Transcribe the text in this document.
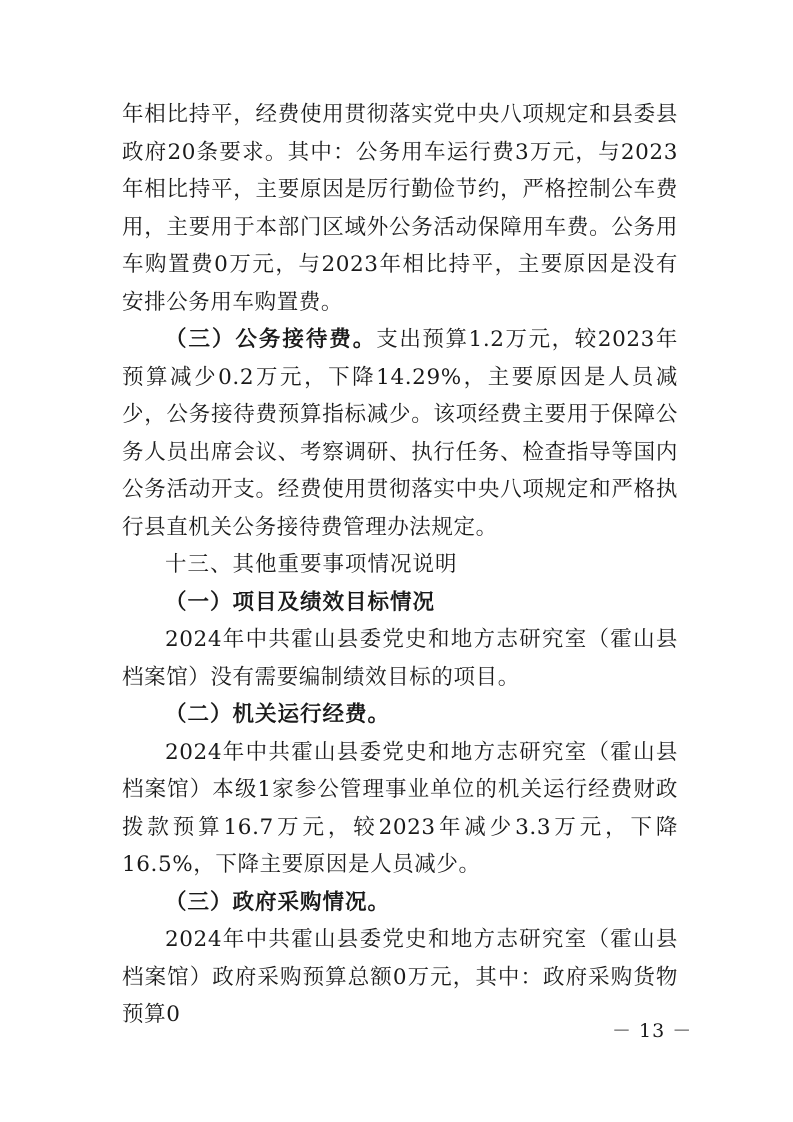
年相比持平，经费使用贯彻落实党中央八项规定和县委县政府20条要求。其中：公务用车运行费3万元，与2023年相比持平，主要原因是厉行勤俭节约，严格控制公车费用，主要用于本部门区域外公务活动保障用车费。公务用车购置费0万元，与2023年相比持平，主要原因是没有安排公务用车购置费。

（三）公务接待费。支出预算1.2万元，较2023年预算减少0.2万元，下降14.29%，主要原因是人员减少，公务接待费预算指标减少。该项经费主要用于保障公务人员出席会议、考察调研、执行任务、检查指导等国内公务活动开支。经费使用贯彻落实中央八项规定和严格执行县直机关公务接待费管理办法规定。

十三、其他重要事项情况说明

（一）项目及绩效目标情况

2024年中共霍山县委党史和地方志研究室（霍山县档案馆）没有需要编制绩效目标的项目。

（二）机关运行经费。

2024年中共霍山县委党史和地方志研究室（霍山县档案馆）本级1家参公管理事业单位的机关运行经费财政拨款预算16.7万元，较2023年减少3.3万元，下降16.5%，下降主要原因是人员减少。

（三）政府采购情况。

2024年中共霍山县委党史和地方志研究室（霍山县档案馆）政府采购预算总额0万元，其中：政府采购货物预算0

－ 13 －
